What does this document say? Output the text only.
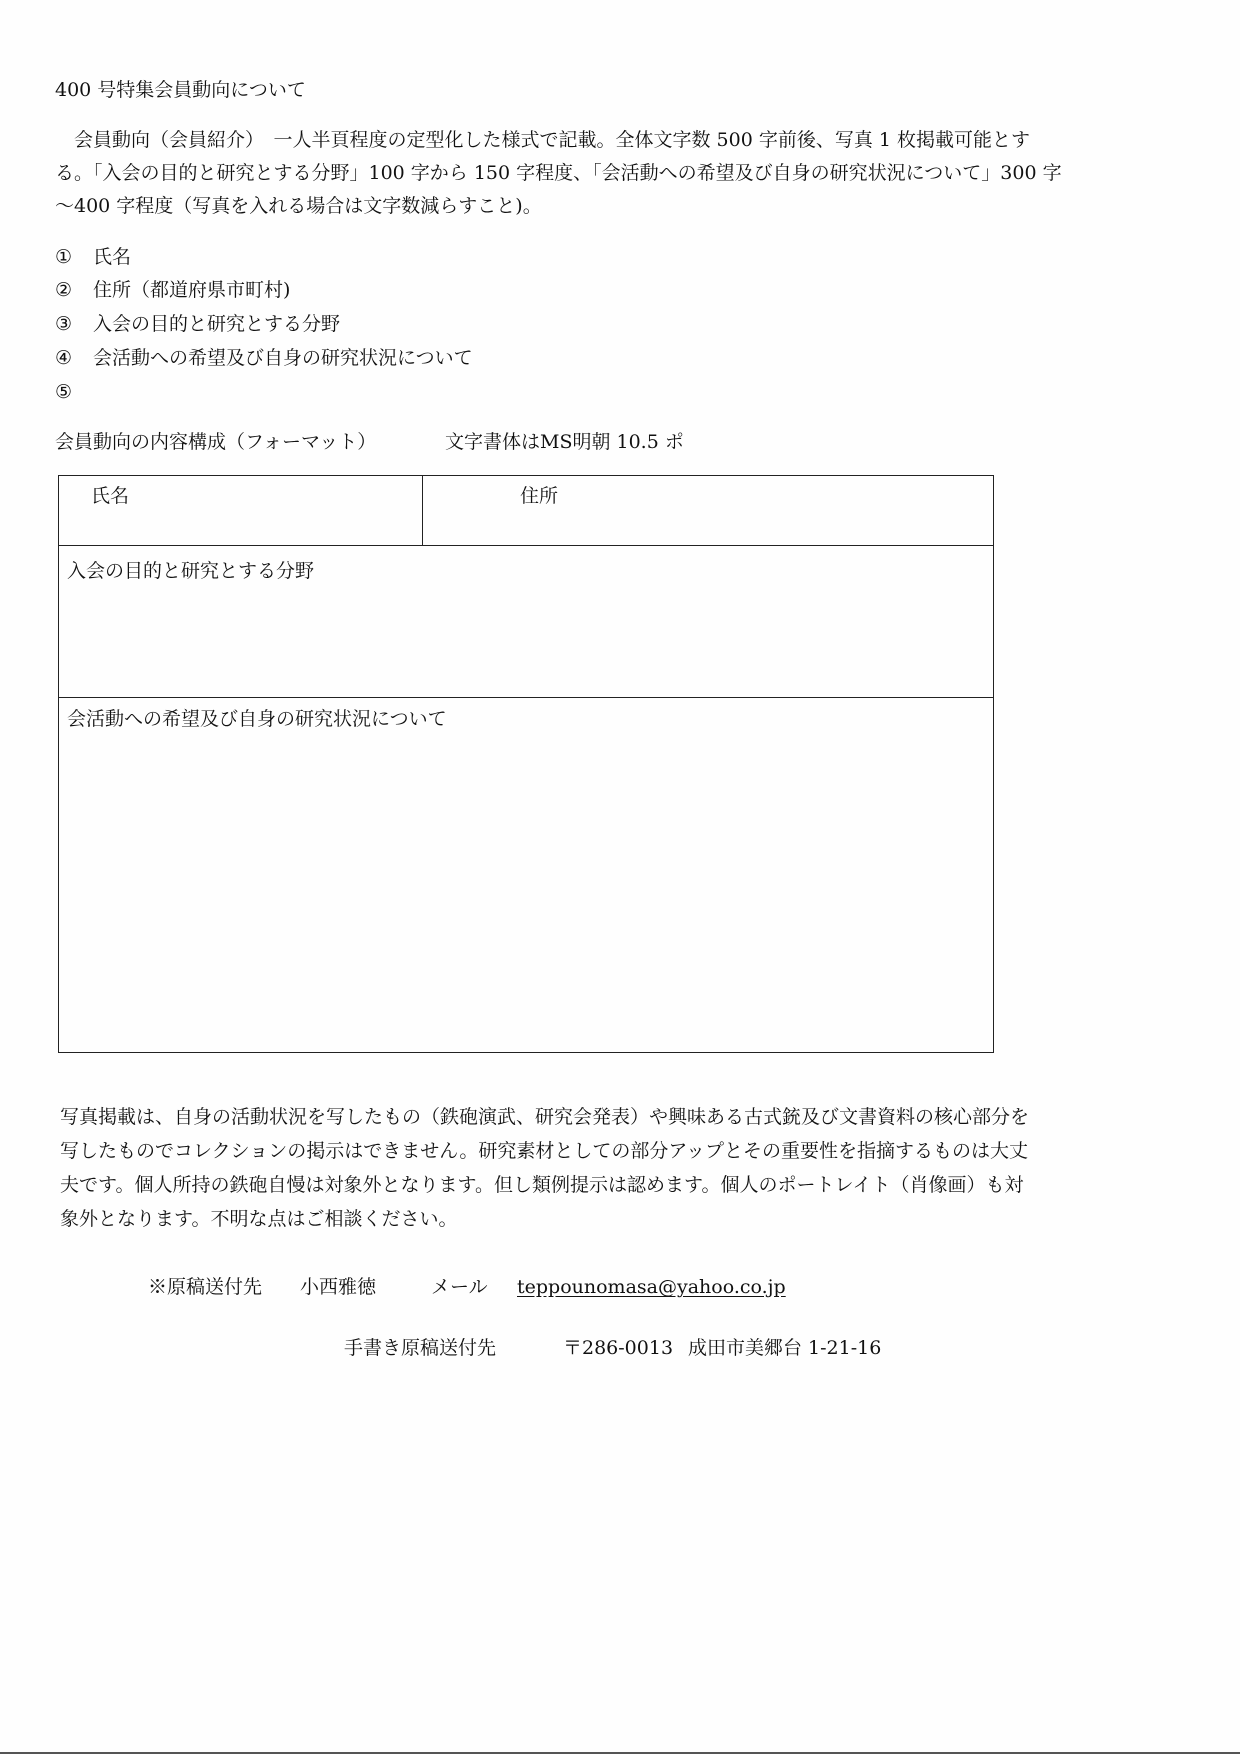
400 号特集会員動向について
　会員動向（会員紹介）　一人半頁程度の定型化した様式で記載。全体文字数 500 字前後、写真 1 枚掲載可能とす
る。「入会の目的と研究とする分野」100 字から 150 字程度、「会活動への希望及び自身の研究状況について」300 字
～400 字程度（写真を入れる場合は文字数減らすこと)。
① 氏名
② 住所（都道府県市町村)
③ 入会の目的と研究とする分野
④ 会活動への希望及び自身の研究状況について
⑤
会員動向の内容構成（フォーマット）	文字書体はMS明朝 10.5 ポ
氏名	住所
入会の目的と研究とする分野
会活動への希望及び自身の研究状況について
写真掲載は、自身の活動状況を写したもの（鉄砲演武、研究会発表）や興味ある古式銃及び文書資料の核心部分を
写したものでコレクションの掲示はできません。研究素材としての部分アップとその重要性を指摘するものは大丈
夫です。個人所持の鉄砲自慢は対象外となります。但し類例提示は認めます。個人のポートレイト（肖像画）も対
象外となります。不明な点はご相談ください。
※原稿送付先 小西雅徳	メール teppounomasa@yahoo.co.jp
手書き原稿送付先	〒286-0013 成田市美郷台 1-21-16
